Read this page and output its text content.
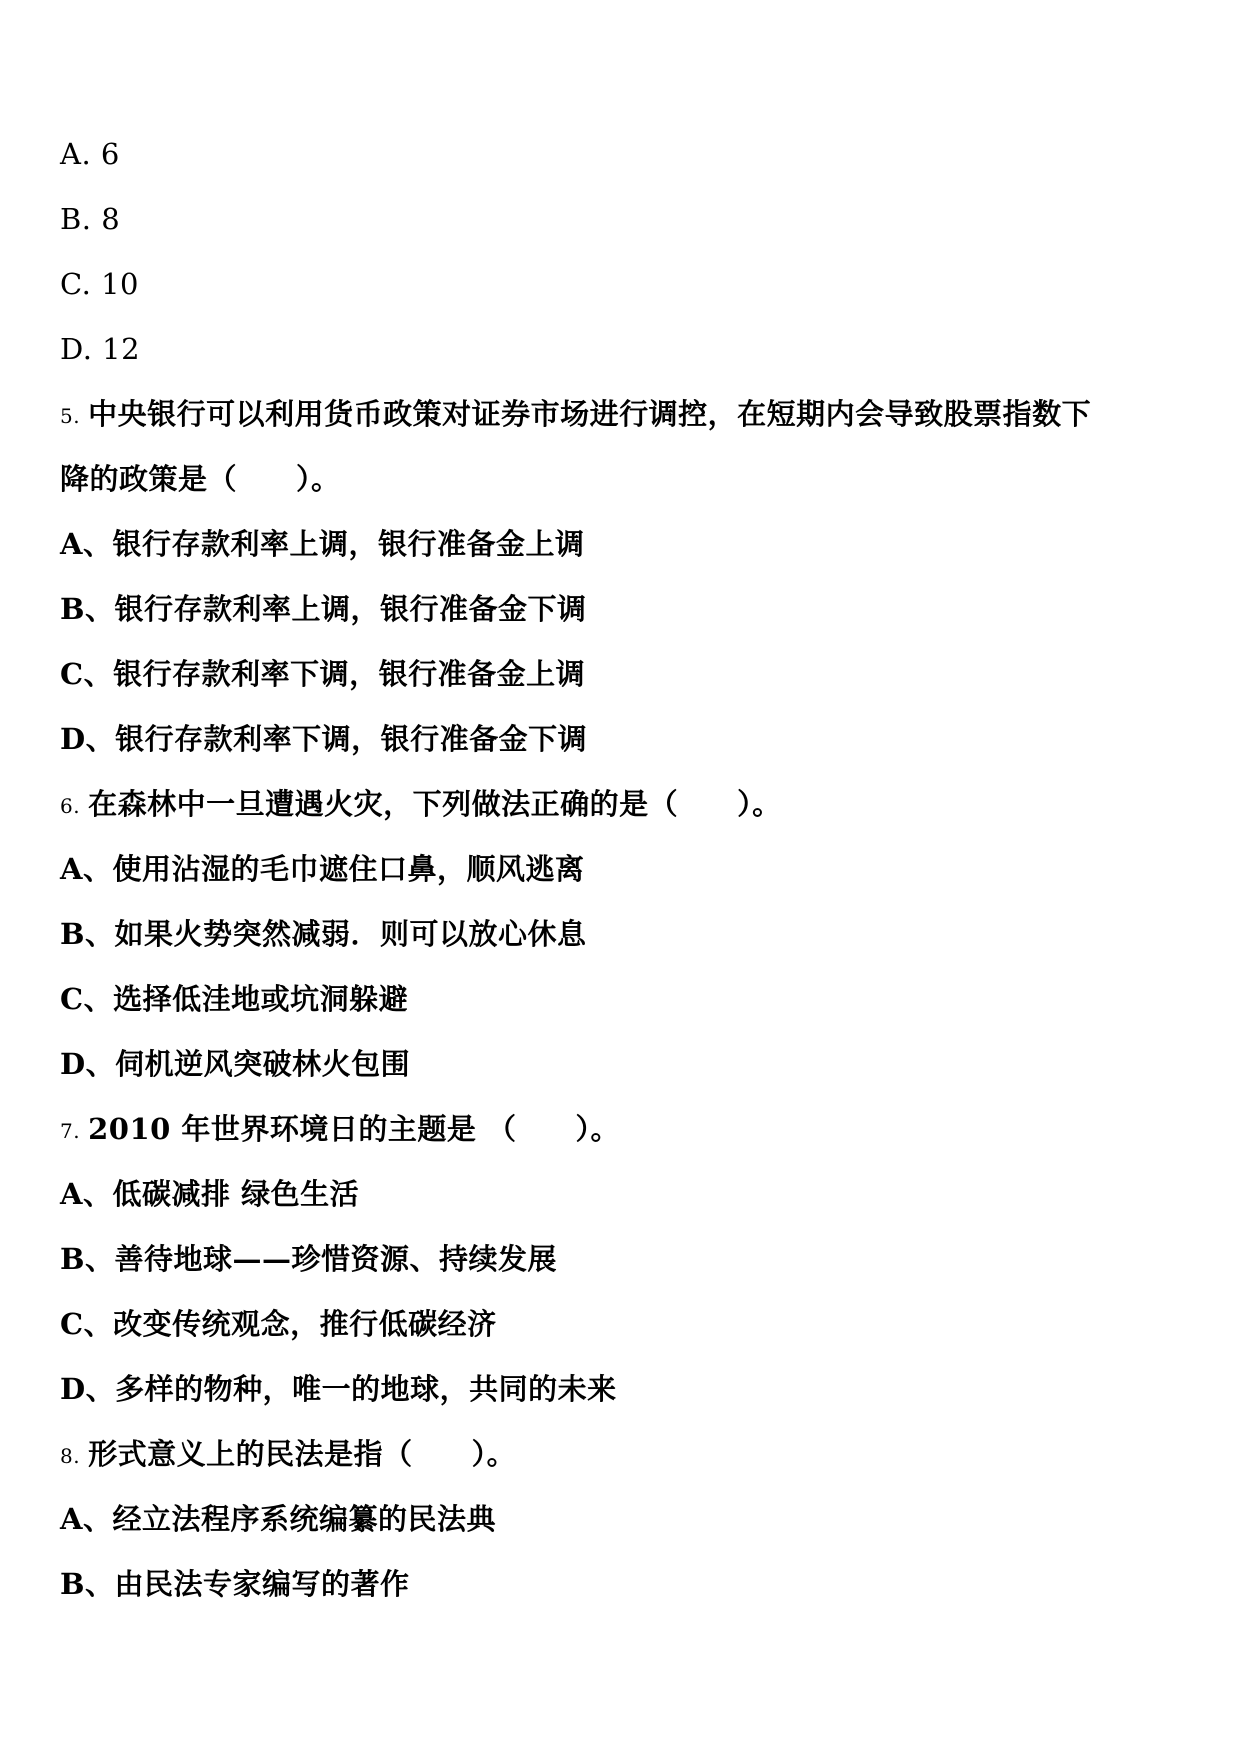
A. 6
B. 8
C. 10
D. 12
5. 中央银行可以利用货币政策对证券市场进行调控，在短期内会导致股票指数下
降的政策是（　　）。
A、银行存款利率上调，银行准备金上调
B、银行存款利率上调，银行准备金下调
C、银行存款利率下调，银行准备金上调
D、银行存款利率下调，银行准备金下调
6. 在森林中一旦遭遇火灾，下列做法正确的是（　　）。
A、使用沾湿的毛巾遮住口鼻，顺风逃离
B、如果火势突然减弱．则可以放心休息
C、选择低洼地或坑洞躲避
D、伺机逆风突破林火包围
7. 2010 年世界环境日的主题是 （　　）。
A、低碳减排 绿色生活
B、善待地球——珍惜资源、持续发展
C、改变传统观念，推行低碳经济
D、多样的物种，唯一的地球，共同的未来
8. 形式意义上的民法是指（　　）。
A、经立法程序系统编纂的民法典
B、由民法专家编写的著作
